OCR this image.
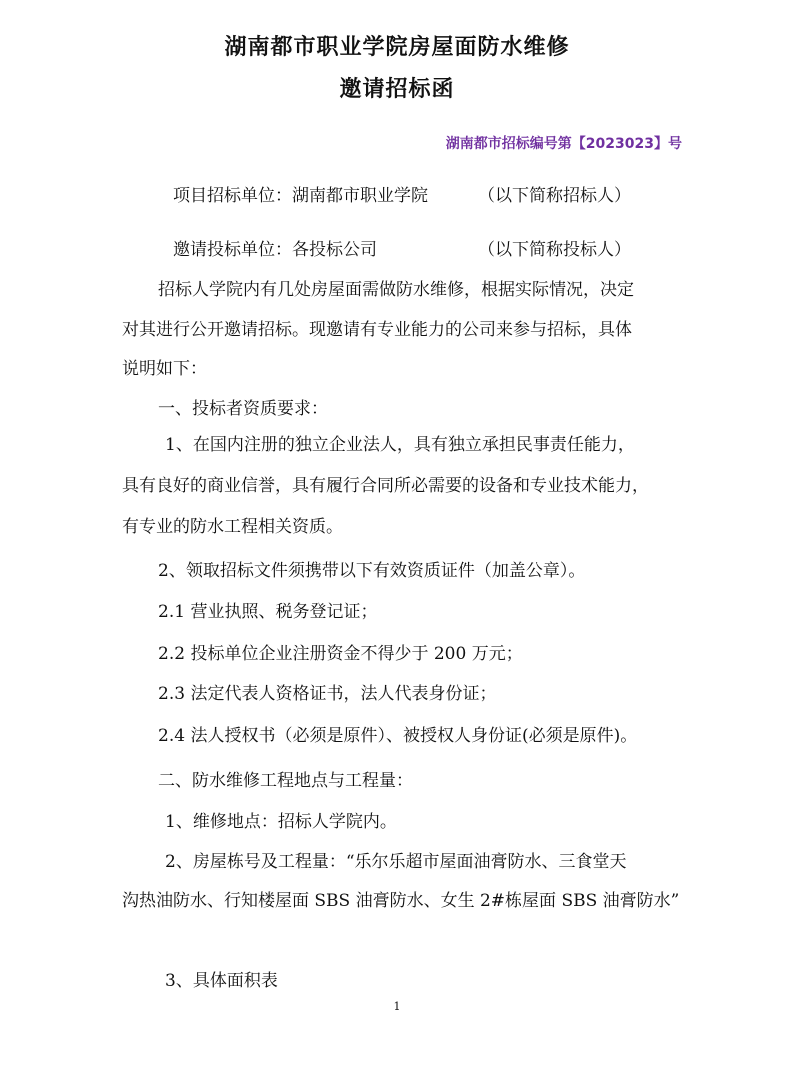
湖南都市职业学院房屋面防水维修
邀请招标函
湖南都市招标编号第【2023023】号
项目招标单位：湖南都市职业学院	（以下简称招标人）
邀请投标单位：各投标公司	（以下简称投标人）
招标人学院内有几处房屋面需做防水维修，根据实际情况，决定
对其进行公开邀请招标。现邀请有专业能力的公司来参与招标，具体
说明如下：
一、投标者资质要求：
1、在国内注册的独立企业法人，具有独立承担民事责任能力，
具有良好的商业信誉，具有履行合同所必需要的设备和专业技术能力，
有专业的防水工程相关资质。
2、领取招标文件须携带以下有效资质证件（加盖公章）。
2.1 营业执照、税务登记证；
2.2 投标单位企业注册资金不得少于 200 万元；
2.3 法定代表人资格证书，法人代表身份证；
2.4 法人授权书（必须是原件）、被授权人身份证(必须是原件)。
二、防水维修工程地点与工程量：
1、维修地点：招标人学院内。
2、房屋栋号及工程量：“乐尔乐超市屋面油膏防水、三食堂天
沟热油防水、行知楼屋面 SBS 油膏防水、女生 2#栋屋面 SBS 油膏防水”
3、具体面积表
1
